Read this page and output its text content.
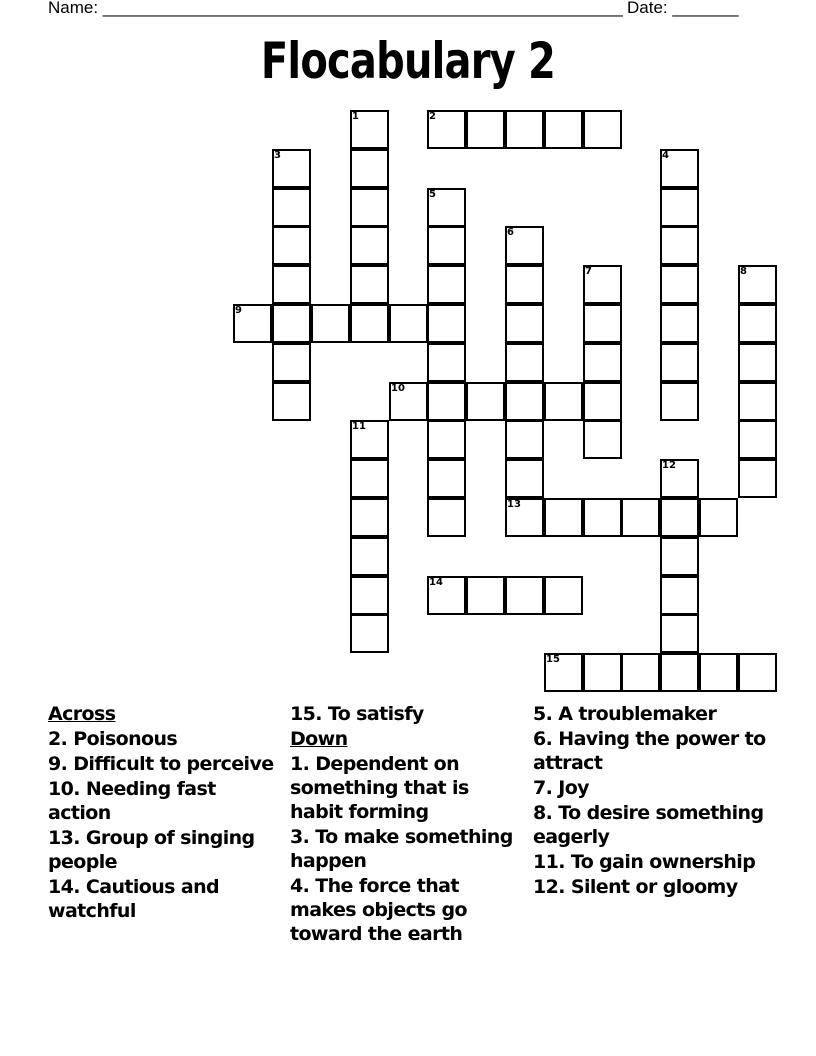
Name: _______________________________________________________ Date: _______
Flocabulary 2
1	2
3	4
5
6
7	8
9
10
11
12
13
14
15
Across
2. Poisonous
9. Difficult to perceive
10. Needing fast action
13. Group of singing people
14. Cautious and watchful
15. To satisfy
Down
1. Dependent on something that is habit forming
3. To make something happen
4. The force that makes objects go toward the earth
5. A troublemaker
6. Having the power to attract
7. Joy
8. To desire something eagerly
11. To gain ownership
12. Silent or gloomy
